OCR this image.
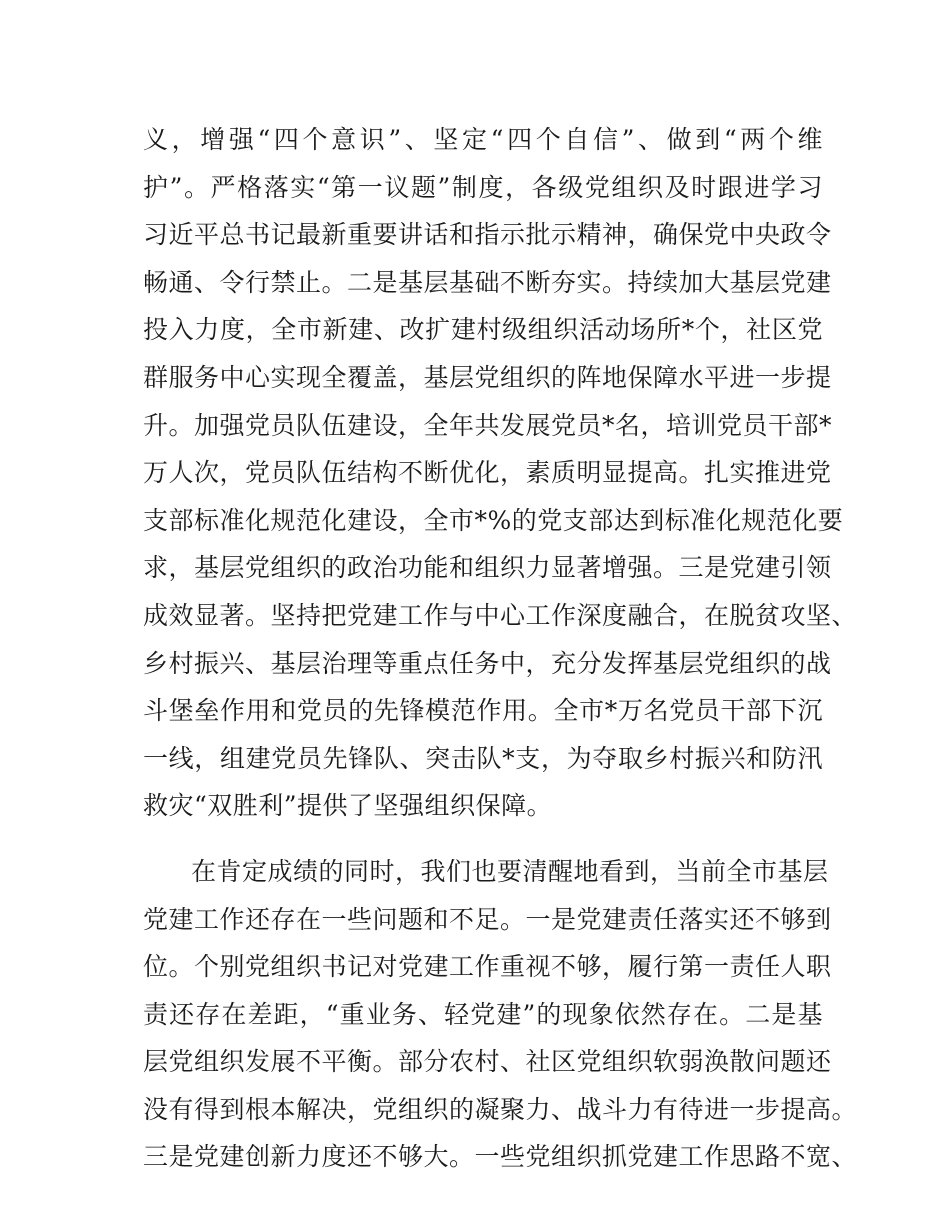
义，增强“四个意识”、坚定“四个自信”、做到“两个维
护”。严格落实“第一议题”制度，各级党组织及时跟进学习
习近平总书记最新重要讲话和指示批示精神，确保党中央政令
畅通、令行禁止。二是基层基础不断夯实。持续加大基层党建
投入力度，全市新建、改扩建村级组织活动场所*个，社区党
群服务中心实现全覆盖，基层党组织的阵地保障水平进一步提
升。加强党员队伍建设，全年共发展党员*名，培训党员干部*
万人次，党员队伍结构不断优化，素质明显提高。扎实推进党
支部标准化规范化建设，全市*%的党支部达到标准化规范化要
求，基层党组织的政治功能和组织力显著增强。三是党建引领
成效显著。坚持把党建工作与中心工作深度融合，在脱贫攻坚、
乡村振兴、基层治理等重点任务中，充分发挥基层党组织的战
斗堡垒作用和党员的先锋模范作用。全市*万名党员干部下沉
一线，组建党员先锋队、突击队*支，为夺取乡村振兴和防汛
救灾“双胜利”提供了坚强组织保障。
在肯定成绩的同时，我们也要清醒地看到，当前全市基层
党建工作还存在一些问题和不足。一是党建责任落实还不够到
位。个别党组织书记对党建工作重视不够，履行第一责任人职
责还存在差距，“重业务、轻党建”的现象依然存在。二是基
层党组织发展不平衡。部分农村、社区党组织软弱涣散问题还
没有得到根本解决，党组织的凝聚力、战斗力有待进一步提高。
三是党建创新力度还不够大。一些党组织抓党建工作思路不宽、
